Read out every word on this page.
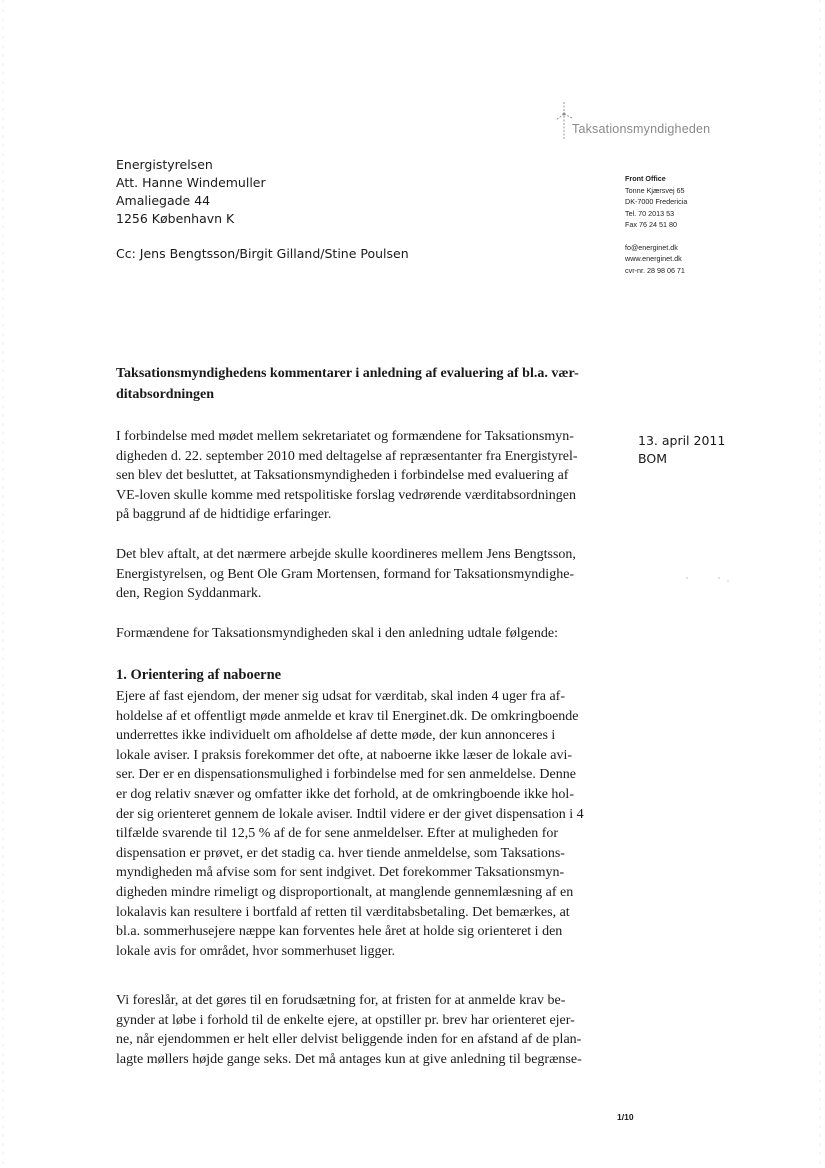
Taksationsmyndigheden
Energistyrelsen
Att. Hanne Windemuller
Amaliegade 44
1256 København K
Cc: Jens Bengtsson/Birgit Gilland/Stine Poulsen
Front Office
Tonne Kjærsvej 65
DK-7000 Fredericia
Tel. 70 2013 53
Fax 76 24 51 80
fo@energinet.dk
www.energinet.dk
cvr-nr. 28 98 06 71
Taksationsmyndighedens kommentarer i anledning af evaluering af bl.a. vær-
ditabsordningen
13. april 2011
BOM
I forbindelse med mødet mellem sekretariatet og formændene for Taksationsmyn-
digheden d. 22. september 2010 med deltagelse af repræsentanter fra Energistyrel-
sen blev det besluttet, at Taksationsmyndigheden i forbindelse med evaluering af
VE-loven skulle komme med retspolitiske forslag vedrørende værditabsordningen
på baggrund af de hidtidige erfaringer.
Det blev aftalt, at det nærmere arbejde skulle koordineres mellem Jens Bengtsson,
Energistyrelsen, og Bent Ole Gram Mortensen, formand for Taksationsmyndighe-
den, Region Syddanmark.
Formændene for Taksationsmyndigheden skal i den anledning udtale følgende:
1. Orientering af naboerne
Ejere af fast ejendom, der mener sig udsat for værditab, skal inden 4 uger fra af-
holdelse af et offentligt møde anmelde et krav til Energinet.dk. De omkringboende
underrettes ikke individuelt om afholdelse af dette møde, der kun annonceres i
lokale aviser. I praksis forekommer det ofte, at naboerne ikke læser de lokale avi-
ser. Der er en dispensationsmulighed i forbindelse med for sen anmeldelse. Denne
er dog relativ snæver og omfatter ikke det forhold, at de omkringboende ikke hol-
der sig orienteret gennem de lokale aviser. Indtil videre er der givet dispensation i 4
tilfælde svarende til 12,5 % af de for sene anmeldelser. Efter at muligheden for
dispensation er prøvet, er det stadig ca. hver tiende anmeldelse, som Taksations-
myndigheden må afvise som for sent indgivet. Det forekommer Taksationsmyn-
digheden mindre rimeligt og disproportionalt, at manglende gennemlæsning af en
lokalavis kan resultere i bortfald af retten til værditabsbetaling. Det bemærkes, at
bl.a. sommerhusejere næppe kan forventes hele året at holde sig orienteret i den
lokale avis for området, hvor sommerhuset ligger.
Vi foreslår, at det gøres til en forudsætning for, at fristen for at anmelde krav be-
gynder at løbe i forhold til de enkelte ejere, at opstiller pr. brev har orienteret ejer-
ne, når ejendommen er helt eller delvist beliggende inden for en afstand af de plan-
lagte møllers højde gange seks. Det må antages kun at give anledning til begrænse-
1/10
